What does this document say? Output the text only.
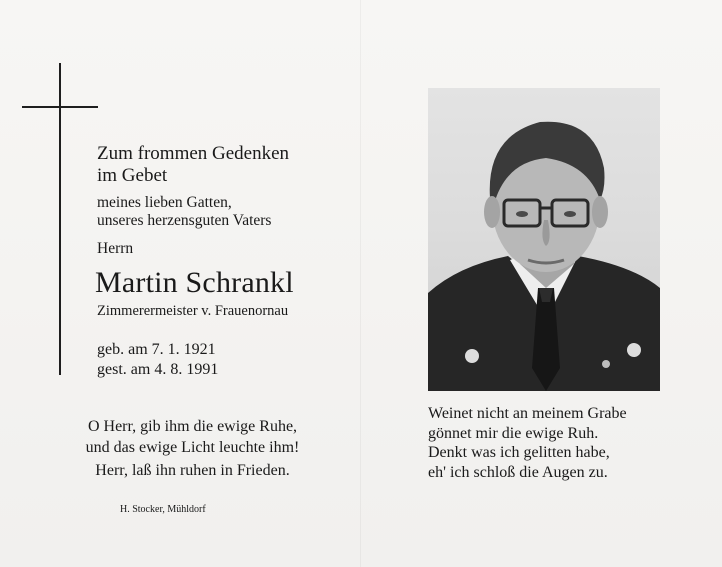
Zum frommen Gedenken
im Gebet
meines lieben Gatten,
unseres herzensguten Vaters
Herrn
Martin Schrankl
Zimmerermeister v. Frauenornau
geb. am 7. 1. 1921
gest. am 4. 8. 1991
O Herr, gib ihm die ewige Ruhe,
und das ewige Licht leuchte ihm!
Herr, laß ihn ruhen in Frieden.
H. Stocker, Mühldorf
Weinet nicht an meinem Grabe
gönnet mir die ewige Ruh.
Denkt was ich gelitten habe,
eh' ich schloß die Augen zu.
